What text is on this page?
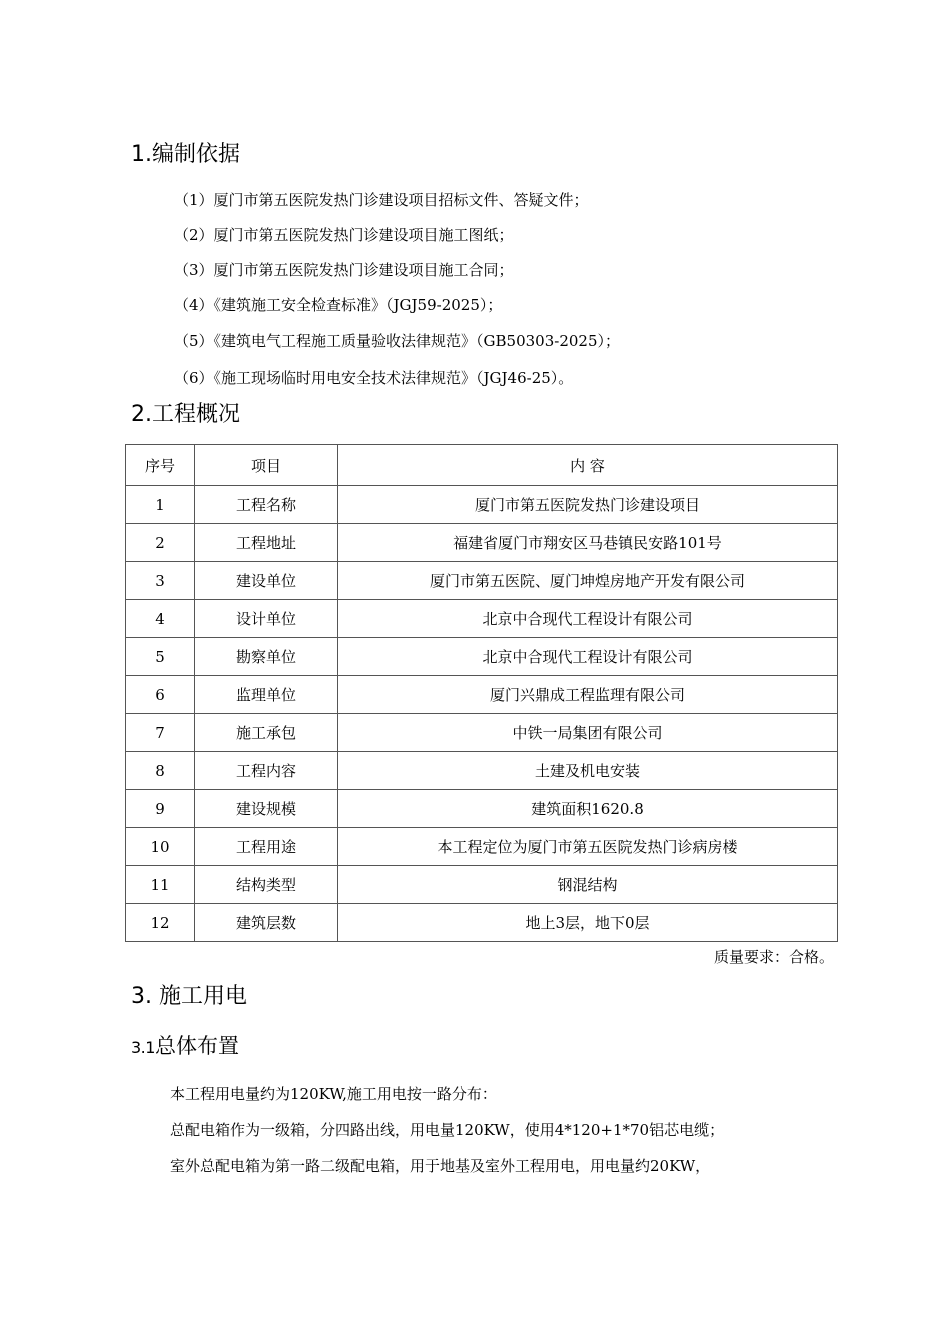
1.编制依据
（1）厦门市第五医院发热门诊建设项目招标文件、答疑文件；
（2）厦门市第五医院发热门诊建设项目施工图纸；
（3）厦门市第五医院发热门诊建设项目施工合同；
（4）《建筑施工安全检查标准》（JGJ59-2025）；
（5）《建筑电气工程施工质量验收法律规范》（GB50303-2025）；
（6）《施工现场临时用电安全技术法律规范》（JGJ46-25）。
2.工程概况
序号	项目	内 容
1	工程名称	厦门市第五医院发热门诊建设项目
2	工程地址	福建省厦门市翔安区马巷镇民安路101号
3	建设单位	厦门市第五医院、厦门坤煌房地产开发有限公司
4	设计单位	北京中合现代工程设计有限公司
5	勘察单位	北京中合现代工程设计有限公司
6	监理单位	厦门兴鼎成工程监理有限公司
7	施工承包	中铁一局集团有限公司
8	工程内容	土建及机电安装
9	建设规模	建筑面积1620.8
10	工程用途	本工程定位为厦门市第五医院发热门诊病房楼
11	结构类型	钢混结构
12	建筑层数	地上3层，地下0层
质量要求：合格。
3. 施工用电
3.1总体布置
本工程用电量约为120KW,施工用电按一路分布：
总配电箱作为一级箱，分四路出线，用电量120KW，使用4*120+1*70铝芯电缆；
室外总配电箱为第一路二级配电箱，用于地基及室外工程用电，用电量约20KW，
